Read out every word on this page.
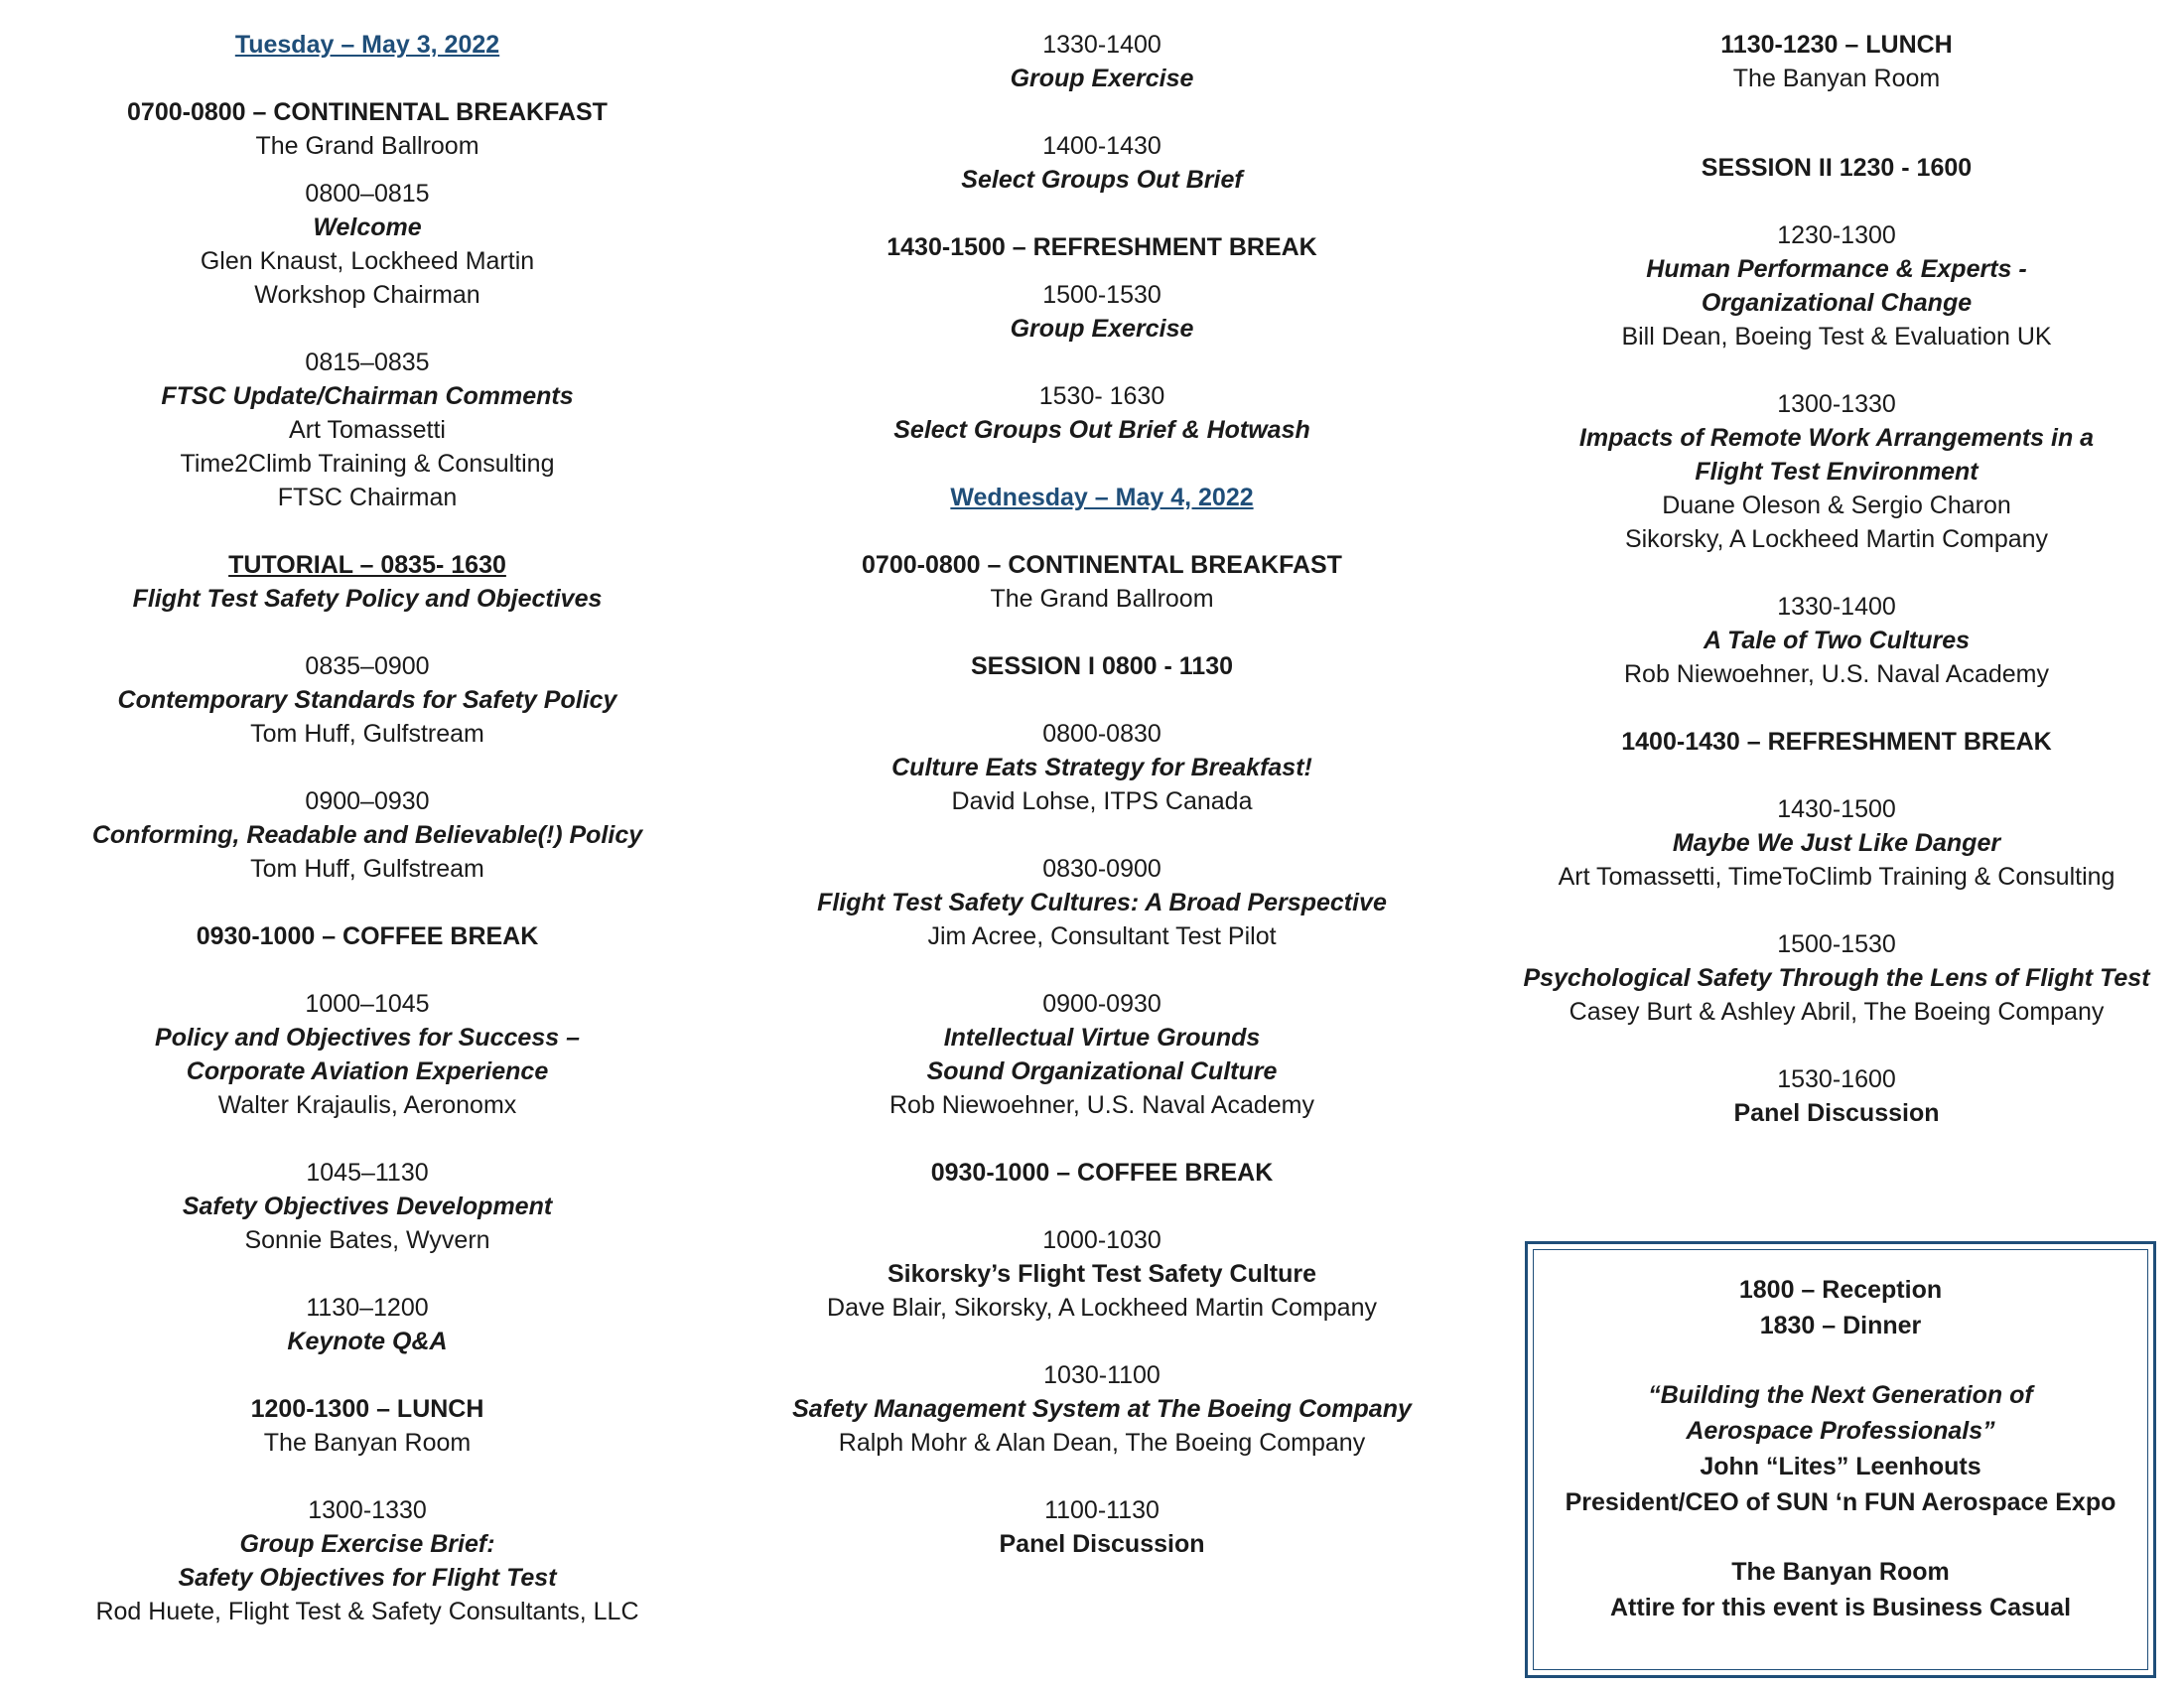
Tuesday – May 3, 2022
0700-0800 – CONTINENTAL BREAKFAST
The Grand Ballroom
0800–0815
Welcome
Glen Knaust, Lockheed Martin
Workshop Chairman
0815–0835
FTSC Update/Chairman Comments
Art Tomassetti
Time2Climb Training & Consulting
FTSC Chairman
TUTORIAL – 0835- 1630
Flight Test Safety Policy and Objectives
0835–0900
Contemporary Standards for Safety Policy
Tom Huff, Gulfstream
0900–0930
Conforming, Readable and Believable(!) Policy
Tom Huff, Gulfstream
0930-1000 – COFFEE BREAK
1000–1045
Policy and Objectives for Success –
Corporate Aviation Experience
Walter Krajaulis, Aeronomx
1045–1130
Safety Objectives Development
Sonnie Bates, Wyvern
1130–1200
Keynote Q&A
1200-1300 – LUNCH
The Banyan Room
1300-1330
Group Exercise Brief:
Safety Objectives for Flight Test
Rod Huete, Flight Test & Safety Consultants, LLC
1330-1400
Group Exercise
1400-1430
Select Groups Out Brief
1430-1500 – REFRESHMENT BREAK
1500-1530
Group Exercise
1530- 1630
Select Groups Out Brief & Hotwash
Wednesday – May 4, 2022
0700-0800 – CONTINENTAL BREAKFAST
The Grand Ballroom
SESSION I 0800 - 1130
0800-0830
Culture Eats Strategy for Breakfast!
David Lohse, ITPS Canada
0830-0900
Flight Test Safety Cultures: A Broad Perspective
Jim Acree, Consultant Test Pilot
0900-0930
Intellectual Virtue Grounds
Sound Organizational Culture
Rob Niewoehner, U.S. Naval Academy
0930-1000 – COFFEE BREAK
1000-1030
Sikorsky’s Flight Test Safety Culture
Dave Blair, Sikorsky, A Lockheed Martin Company
1030-1100
Safety Management System at The Boeing Company
Ralph Mohr & Alan Dean, The Boeing Company
1100-1130
Panel Discussion
1130-1230 – LUNCH
The Banyan Room
SESSION II 1230 - 1600
1230-1300
Human Performance & Experts -
Organizational Change
Bill Dean, Boeing Test & Evaluation UK
1300-1330
Impacts of Remote Work Arrangements in a
Flight Test Environment
Duane Oleson & Sergio Charon
Sikorsky, A Lockheed Martin Company
1330-1400
A Tale of Two Cultures
Rob Niewoehner, U.S. Naval Academy
1400-1430 – REFRESHMENT BREAK
1430-1500
Maybe We Just Like Danger
Art Tomassetti, TimeToClimb Training & Consulting
1500-1530
Psychological Safety Through the Lens of Flight Test
Casey Burt & Ashley Abril, The Boeing Company
1530-1600
Panel Discussion
1800 – Reception
1830 – Dinner
“Building the Next Generation of
Aerospace Professionals”
John “Lites” Leenhouts
President/CEO of SUN ‘n FUN Aerospace Expo
The Banyan Room
Attire for this event is Business Casual
